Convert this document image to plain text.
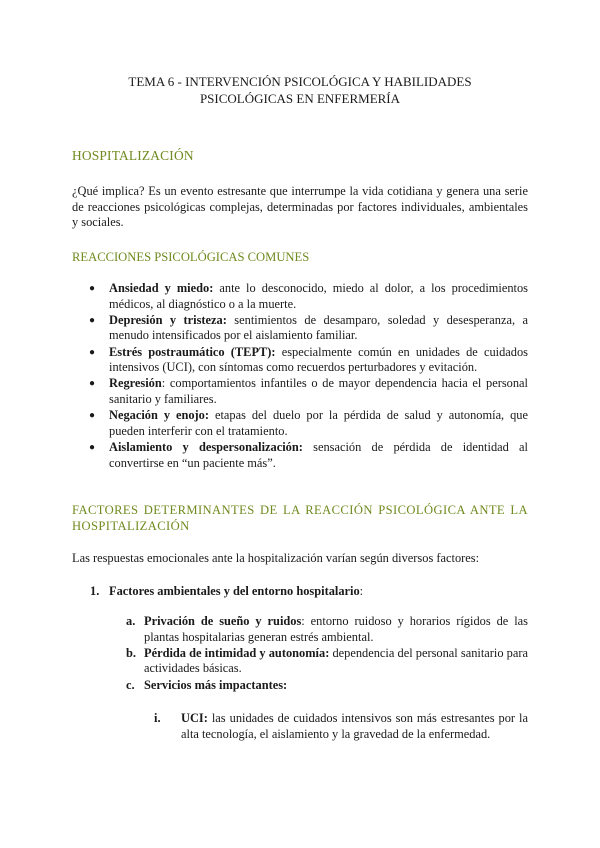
TEMA 6 - INTERVENCIÓN PSICOLÓGICA Y HABILIDADES
PSICOLÓGICAS EN ENFERMERÍA
HOSPITALIZACIÓN

¿Qué implica? Es un evento estresante que interrumpe la vida cotidiana y genera una serie de reacciones psicológicas complejas, determinadas por factores individuales, ambientales y sociales.

REACCIONES PSICOLÓGICAS COMUNES
● Ansiedad y miedo: ante lo desconocido, miedo al dolor, a los procedimientos médicos, al diagnóstico o a la muerte.
● Depresión y tristeza: sentimientos de desamparo, soledad y desesperanza, a menudo intensificados por el aislamiento familiar.
● Estrés postraumático (TEPT): especialmente común en unidades de cuidados intensivos (UCI), con síntomas como recuerdos perturbadores y evitación.
● Regresión: comportamientos infantiles o de mayor dependencia hacia el personal sanitario y familiares.
● Negación y enojo: etapas del duelo por la pérdida de salud y autonomía, que pueden interferir con el tratamiento.
● Aislamiento y despersonalización: sensación de pérdida de identidad al convertirse en “un paciente más”.
FACTORES DETERMINANTES DE LA REACCIÓN PSICOLÓGICA ANTE LA HOSPITALIZACIÓN

Las respuestas emocionales ante la hospitalización varían según diversos factores:

1. Factores ambientales y del entorno hospitalario:

a. Privación de sueño y ruidos: entorno ruidoso y horarios rígidos de las plantas hospitalarias generan estrés ambiental.
b. Pérdida de intimidad y autonomía: dependencia del personal sanitario para actividades básicas.
c. Servicios más impactantes:

i. UCI: las unidades de cuidados intensivos son más estresantes por la alta tecnología, el aislamiento y la gravedad de la enfermedad.
